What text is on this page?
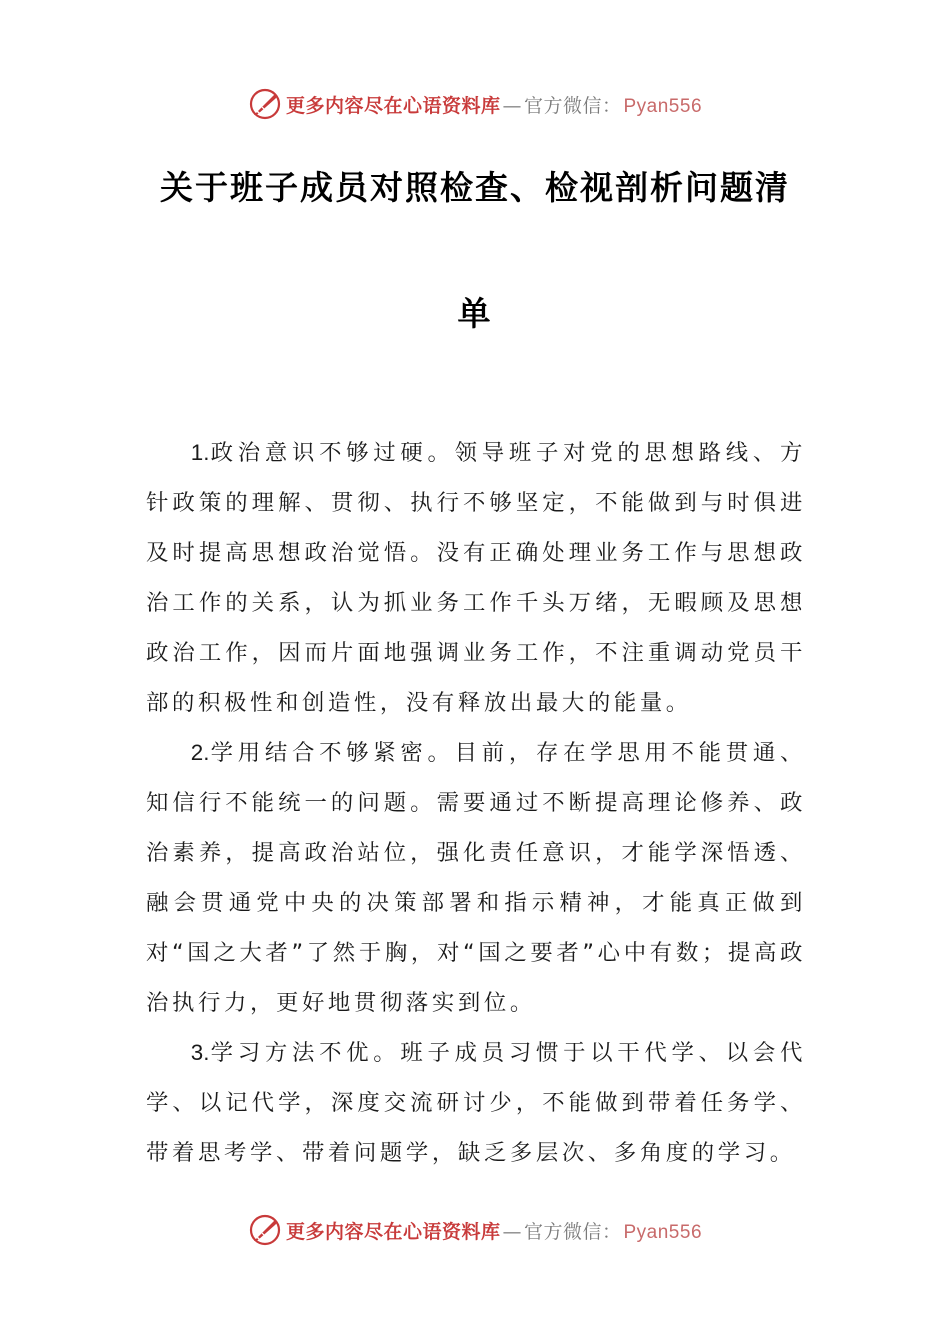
更多内容尽在心语资料库 — 官方微信： Pyan556
关于班子成员对照检查、检视剖析问题清
单

1.政治意识不够过硬。领导班子对党的思想路线、方针政策的理解、贯彻、执行不够坚定，不能做到与时俱进及时提高思想政治觉悟。没有正确处理业务工作与思想政治工作的关系，认为抓业务工作千头万绪，无暇顾及思想政治工作，因而片面地强调业务工作，不注重调动党员干部的积极性和创造性，没有释放出最大的能量。

2.学用结合不够紧密。目前，存在学思用不能贯通、知信行不能统一的问题。需要通过不断提高理论修养、政治素养，提高政治站位，强化责任意识，才能学深悟透、融会贯通党中央的决策部署和指示精神，才能真正做到对“国之大者”了然于胸，对“国之要者”心中有数；提高政治执行力，更好地贯彻落实到位。

3.学习方法不优。班子成员习惯于以干代学、以会代学、以记代学，深度交流研讨少，不能做到带着任务学、带着思考学、带着问题学，缺乏多层次、多角度的学习。

更多内容尽在心语资料库 — 官方微信： Pyan556
